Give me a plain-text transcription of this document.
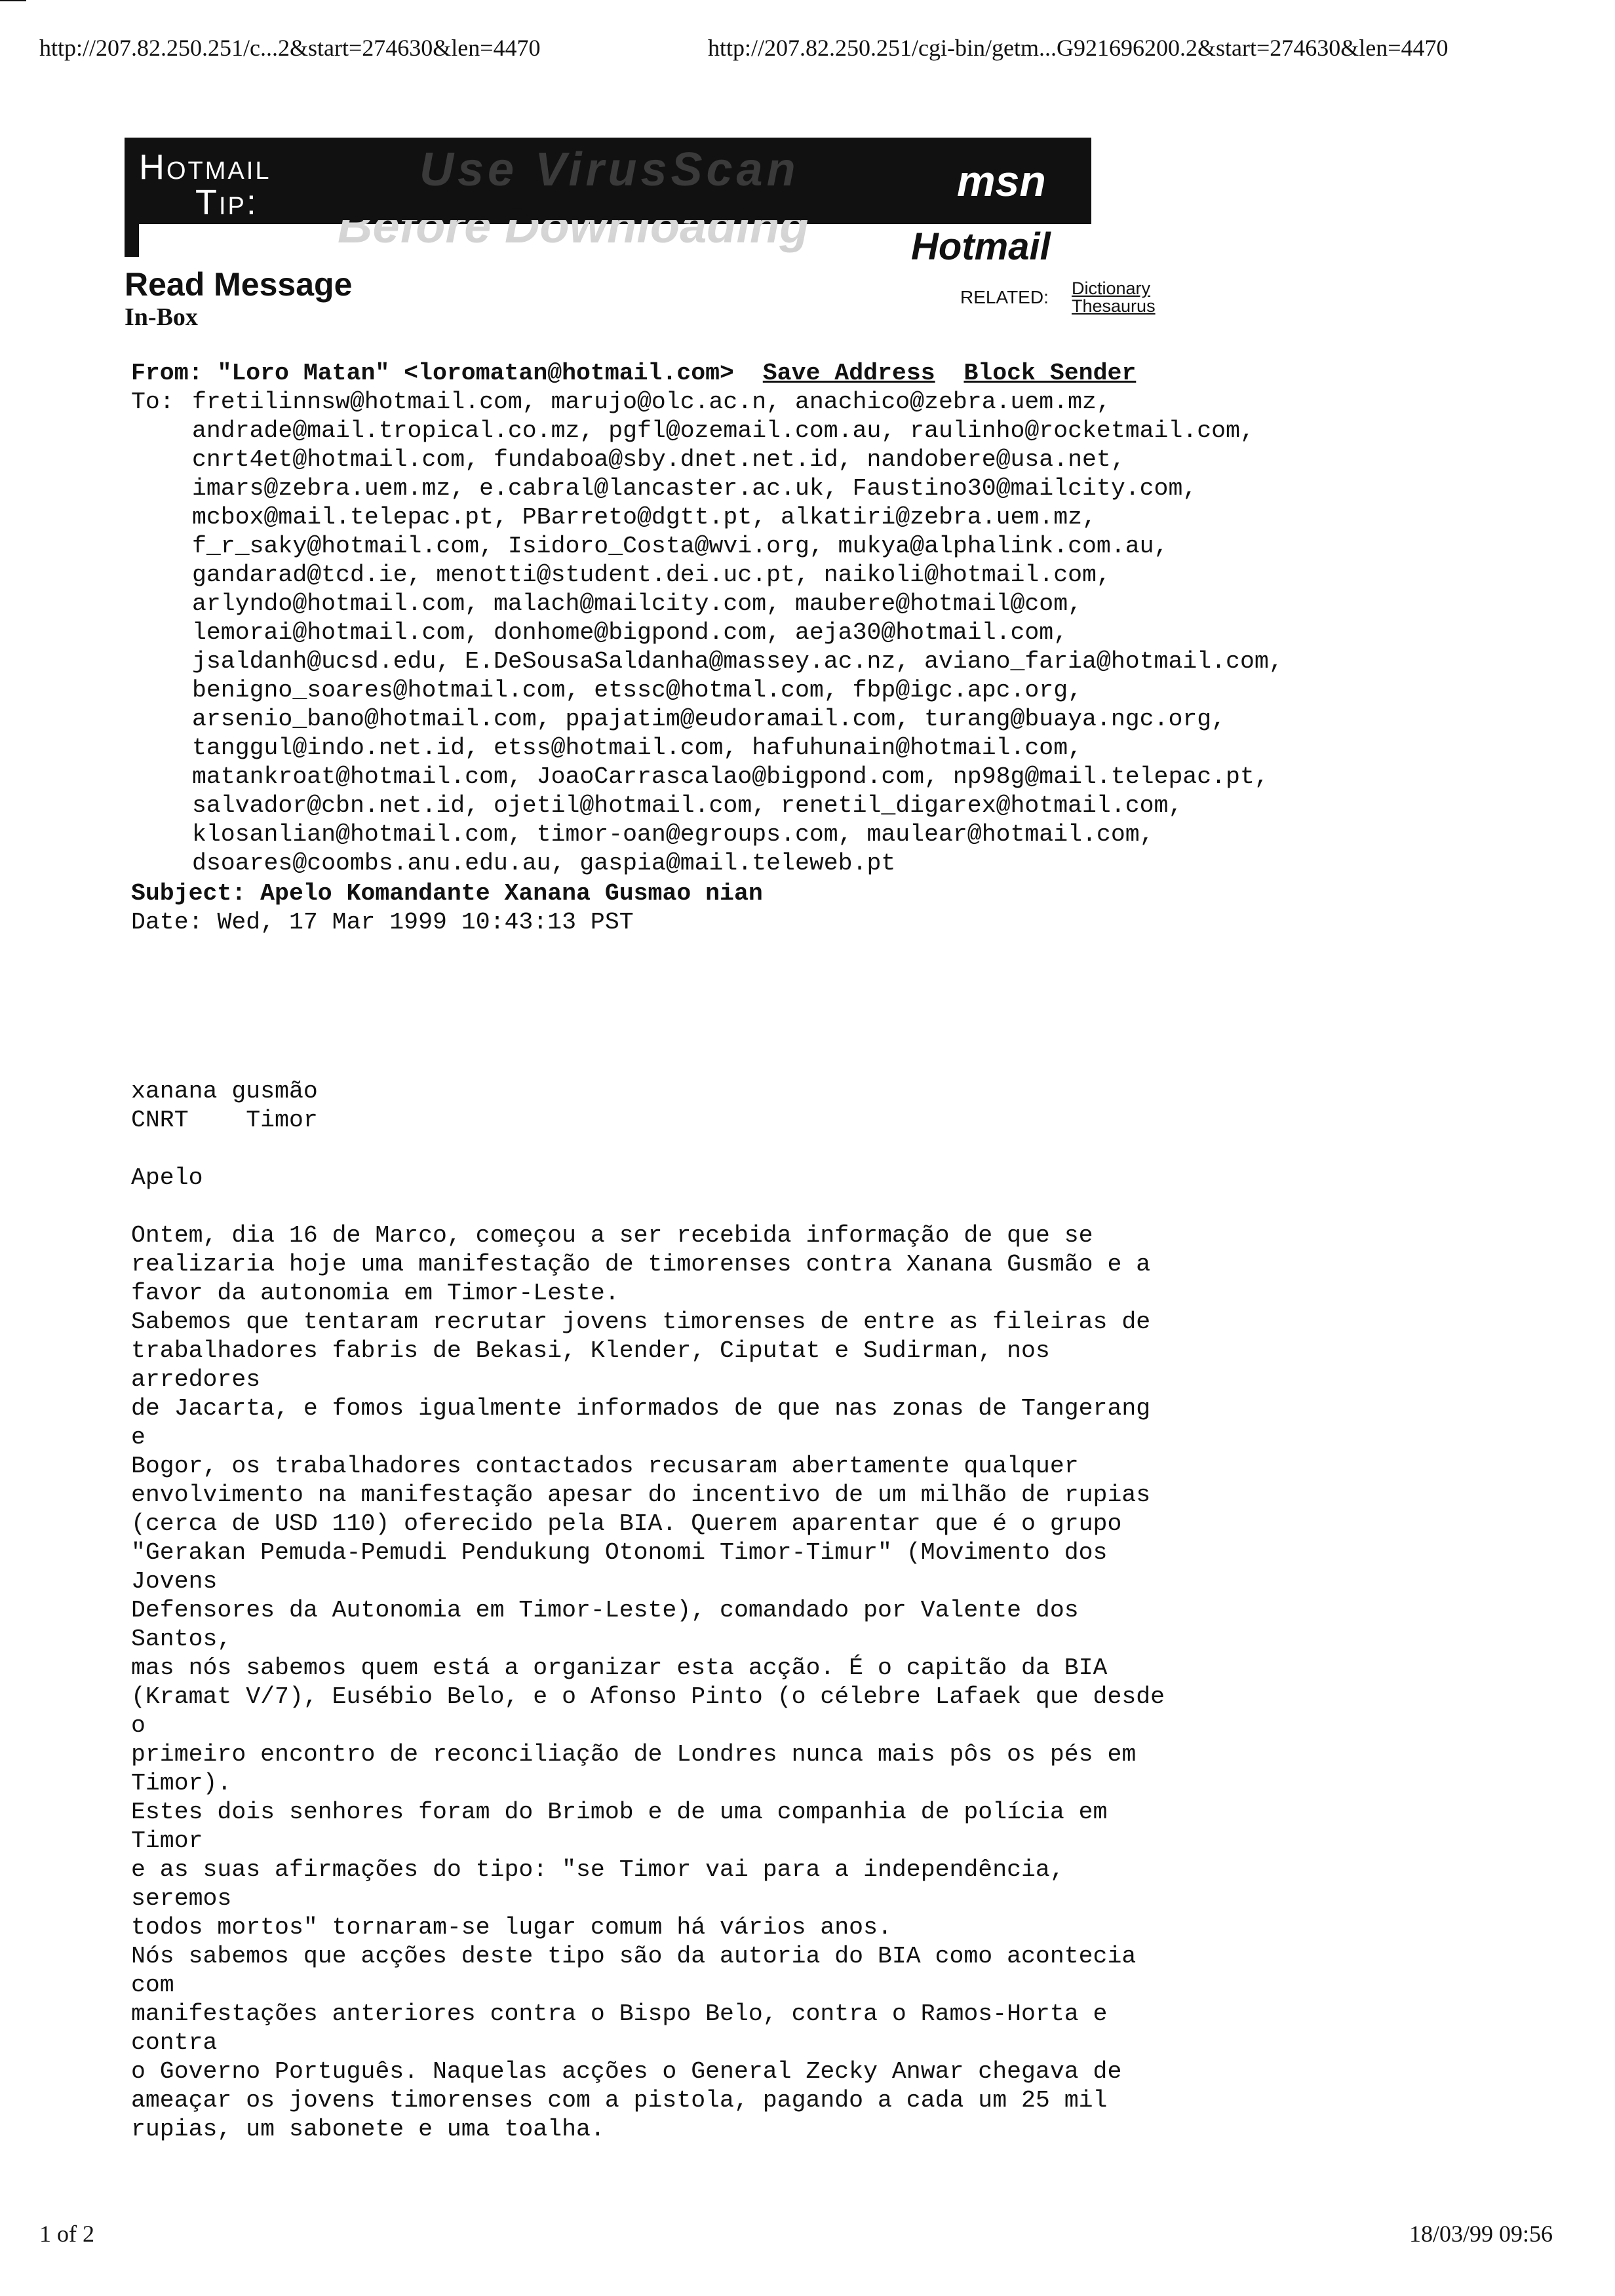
http://207.82.250.251/c...2&start=274630&len=4470	http://207.82.250.251/cgi-bin/getm...G921696200.2&start=274630&len=4470
Hotmail
Tip:
Use VirusScan
Before Downloading
msn
Hotmail
Read Message
In-Box
RELATED: Dictionary
Thesaurus
From: "Loro Matan" <loromatan@hotmail.com> Save Address Block Sender

To:

fretilinnsw@hotmail.com, marujo@olc.ac.n, anachico@zebra.uem.mz,
andrade@mail.tropical.co.mz, pgfl@ozemail.com.au, raulinho@rocketmail.com,
cnrt4et@hotmail.com, fundaboa@sby.dnet.net.id, nandobere@usa.net,
imars@zebra.uem.mz, e.cabral@lancaster.ac.uk, Faustino30@mailcity.com,
mcbox@mail.telepac.pt, PBarreto@dgtt.pt, alkatiri@zebra.uem.mz,
f_r_saky@hotmail.com, Isidoro_Costa@wvi.org, mukya@alphalink.com.au,
gandarad@tcd.ie, menotti@student.dei.uc.pt, naikoli@hotmail.com,
arlyndo@hotmail.com, malach@mailcity.com, maubere@hotmail@com,
lemorai@hotmail.com, donhome@bigpond.com, aeja30@hotmail.com,
jsaldanh@ucsd.edu, E.DeSousaSaldanha@massey.ac.nz, aviano_faria@hotmail.com,
benigno_soares@hotmail.com, etssc@hotmal.com, fbp@igc.apc.org,
arsenio_bano@hotmail.com, ppajatim@eudoramail.com, turang@buaya.ngc.org,
tanggul@indo.net.id, etss@hotmail.com, hafuhunain@hotmail.com,
matankroat@hotmail.com, JoaoCarrascalao@bigpond.com, np98g@mail.telepac.pt,
salvador@cbn.net.id, ojetil@hotmail.com, renetil_digarex@hotmail.com,
klosanlian@hotmail.com, timor-oan@egroups.com, maulear@hotmail.com,
dsoares@coombs.anu.edu.au, gaspia@mail.teleweb.pt

Subject: Apelo Komandante Xanana Gusmao nian
Date: Wed, 17 Mar 1999 10:43:13 PST
xanana gusmão
CNRT    Timor
Apelo
Ontem, dia 16 de Marco, começou a ser recebida informação de que se
realizaria hoje uma manifestação de timorenses contra Xanana Gusmão e a
favor da autonomia em Timor-Leste.
Sabemos que tentaram recrutar jovens timorenses de entre as fileiras de
trabalhadores fabris de Bekasi, Klender, Ciputat e Sudirman, nos
arredores
de Jacarta, e fomos igualmente informados de que nas zonas de Tangerang
e
Bogor, os trabalhadores contactados recusaram abertamente qualquer
envolvimento na manifestação apesar do incentivo de um milhão de rupias
(cerca de USD 110) oferecido pela BIA. Querem aparentar que é o grupo
"Gerakan Pemuda-Pemudi Pendukung Otonomi Timor-Timur" (Movimento dos
Jovens
Defensores da Autonomia em Timor-Leste), comandado por Valente dos
Santos,
mas nós sabemos quem está a organizar esta acção. É o capitão da BIA
(Kramat V/7), Eusébio Belo, e o Afonso Pinto (o célebre Lafaek que desde
o
primeiro encontro de reconciliação de Londres nunca mais pôs os pés em
Timor).
Estes dois senhores foram do Brimob e de uma companhia de polícia em
Timor
e as suas afirmações do tipo: "se Timor vai para a independência,
seremos
todos mortos" tornaram-se lugar comum há vários anos.
Nós sabemos que acções deste tipo são da autoria do BIA como acontecia
com
manifestações anteriores contra o Bispo Belo, contra o Ramos-Horta e
contra
o Governo Português. Naquelas acções o General Zecky Anwar chegava de
ameaçar os jovens timorenses com a pistola, pagando a cada um 25 mil
rupias, um sabonete e uma toalha.
1 of 2	18/03/99 09:56
